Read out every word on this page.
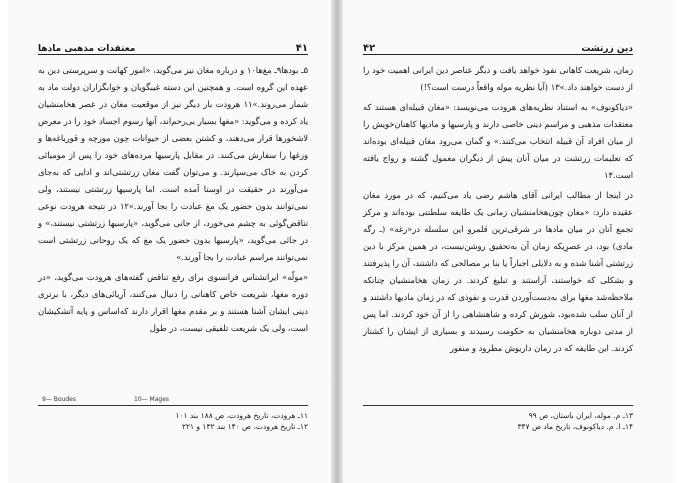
۴۱
معتقدات مذهبی مادها

۵ـ بودها۹ـ مغ‌ها۱۰ و درباره مغان نیز می‌گوید، «امور کهانت و سرپرستی دین به عهده این گروه است. و همچنین این دسته غیبگویان و خوابگزاران دولت ماد به شمار می‌روند.»۱۱ هرودت بار دیگر نیز از موقعیت مغان در عصر هخامنشیان یاد کرده و می‌گوید: «مغها بسیار بی‌رحم‌اند، آنها رسوم اجساد خود را در معرض لاشخورها قرار می‌دهند، و کشتن بعضی از حیوانات چون مورچه و قورباغه‌ها و وزغها را سفارش می‌کنند. در مقابل پارسیها مرده‌های خود را پس از مومیائی کردن به خاک می‌سپارند. و می‌توان گفت مغان زرتشتی‌اند و ادایی که به‌جای می‌آورند در حقیقت در اوستا آمده است. اما پارسیها زرتشتی نیستند، ولی نمی‌توانند بدون حضور یک مغ عبادت را بجا آورند.»۱۲ در نتیجه هرودت نوعی تناقض‌گوئی به چشم می‌خورد، از جانی می‌گوید، «پارسیها زرتشتی نیستند،» و در جائی می‌گوید، «پارسیها بدون حضور یک مغ که یک روحانی زرتشتی است نمی‌توانند مراسم عبادت را بجا آورند.»

«مولّه» ایرانشناس فرانسوی برای رفع تناقض گفته‌های هرودت می‌گوید، «در دوره مغها، شریعت خاص کاهنانی را دنبال می‌کنند، آریائی‌های دیگر، با برتری دینی ایشان آشنا هستند و بر مقدم مغها اقرار دارند که‌اساس و پایه آتشکیشان است، ولی یک شریعت تلفیقی نیست، در طول

9— Boudes	10— Mages

۱۱ـ هرودت، تاریخ هرودت، ص ۱۸۸ بند ۱۰۱

۱۲ـ تاریخ هرودت، ص ۱۴۰ بند ۱۳۲ و ۲۲۱

دین زرتشت
۴۲

زمان، شریعت کاهانی نفوذ خواهد یافت و دیگر عناصر دین ایرانی اهمیت خود را از دست خواهند داد.»۱۳ (آیا نظریه موله واقعاً درست است؟!)

«دیاکونوف» به استناد نظریه‌های هرودت می‌نویسد: «مغان قبیله‌ای هستند که معتقدات مذهبی و مراسم دینی خاصی دارند و پارسیها و مادیها کاهنان‌خویش را از میان افراد آن قبیله انتخاب می‌کنند.» و گمان می‌رود مغان قبیله‌ای بوده‌اند که تعلیمات زرتشت در میان آنان پیش از دیگران معمول گشته و رواج یافته است.۱۴

در اینجا از مطالب ایرانی آقای هاشم رضی یاد می‌کنیم، که در مورد مغان عقیده دارد: «مغان چون‌هخامنشیان زمانی یک طایفه سلطنتی بوده‌اند و مرکز تجمع آنان در میان مادها در شرقی‌ترین قلمرو این سلسله در«رغه» (ـ رگه مادی) بود، در عصرِ‌یکه زمان آن به‌تحقیق روشن‌نیست، در همین مرکز با دین زرتشتی آشنا شده و به دلایلی اجباراً یا بنا بر مصالحی که داشتند، آن را پذیرفتند و بشکلی که خواستند، آراستند و تبلیغ کردند. در زمان هخامنشیان چنانکه ملاحظه‌شد مغها برای به‌دست‌آوردن قدرت و نفوذی که در زمان مادیها داشتند و از آنان سلب شده‌بود، شورش کرده و شاهنشاهی را از آن خود کردند. اما پس از مدتی دوباره هخامنشیان به‌ حکومت رسیدند و بسیاری از ایشان را کشتار کردند. این طایفه که در زمان داریوش مطرود و منفور

۱۳ـ م. موله، ایران باستان، ص ۹۹

۱۴ـ ا. م. دیاکونوف، تاریخ ماد ص ۳۴۷
